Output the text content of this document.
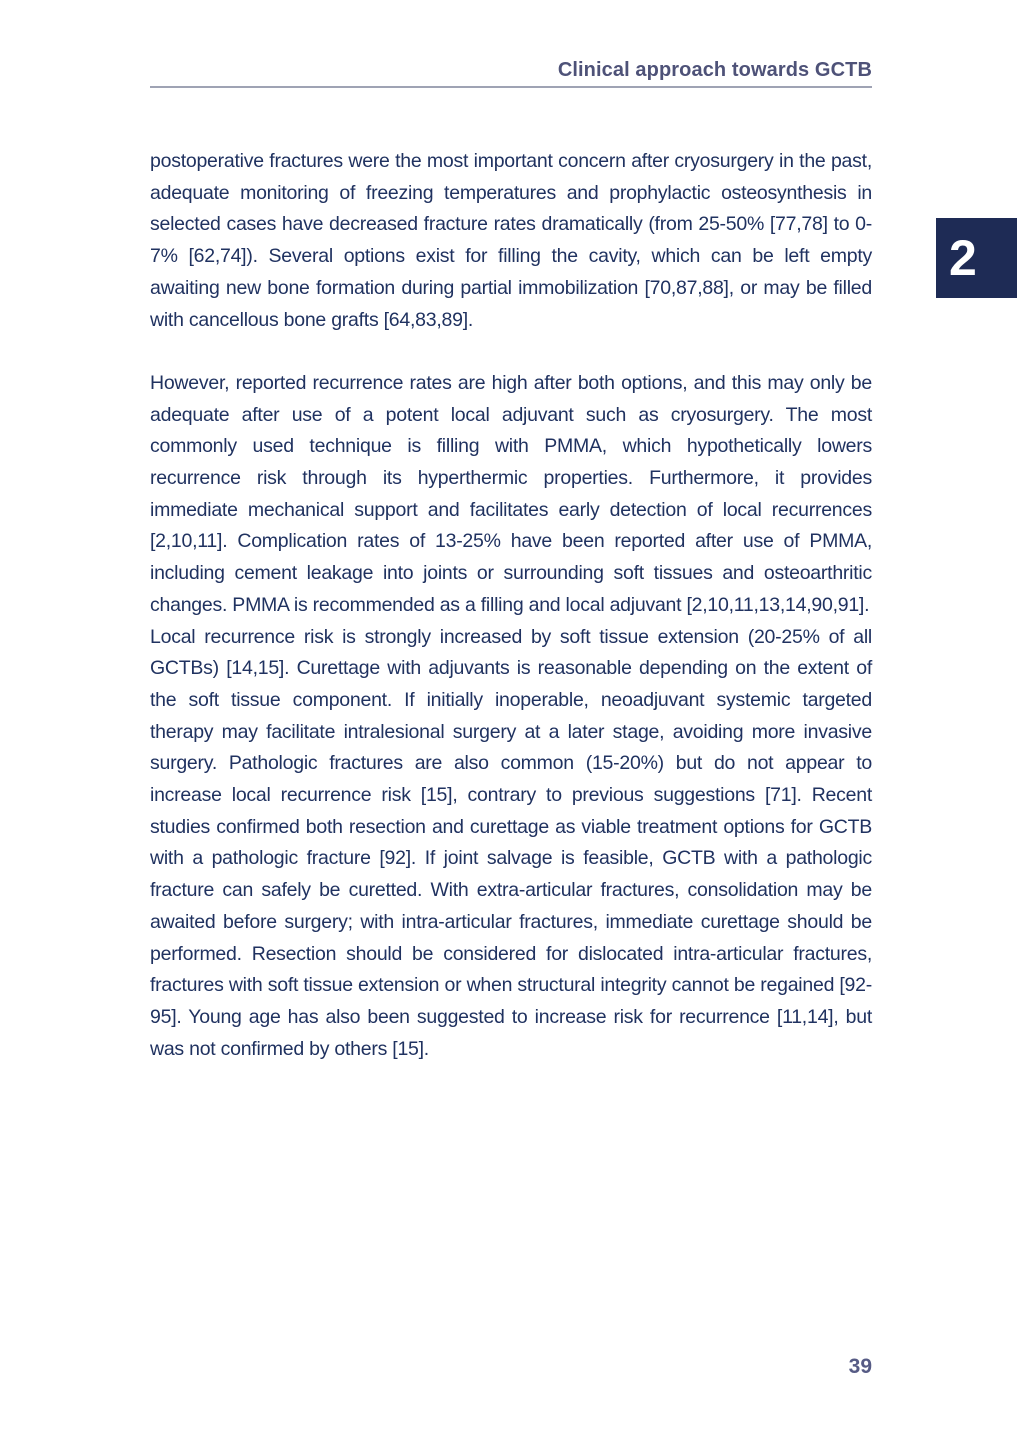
Clinical approach towards GCTB
2

postoperative fractures were the most important concern after cryosurgery in the past, adequate monitoring of freezing temperatures and prophylactic osteosynthesis in selected cases have decreased fracture rates dramatically (from 25-50% [77,78] to 0-7% [62,74]). Several options exist for filling the cavity, which can be left empty awaiting new bone formation during partial immobilization [70,87,88], or may be filled with cancellous bone grafts [64,83,89].

However, reported recurrence rates are high after both options, and this may only be adequate after use of a potent local adjuvant such as cryosurgery. The most commonly used technique is filling with PMMA, which hypothetically lowers recurrence risk through its hyperthermic properties. Furthermore, it provides immediate mechanical support and facilitates early detection of local recurrences [2,10,11]. Complication rates of 13-25% have been reported after use of PMMA, including cement leakage into joints or surrounding soft tissues and osteoarthritic changes. PMMA is recommended as a filling and local adjuvant [2,10,11,13,14,90,91].

Local recurrence risk is strongly increased by soft tissue extension (20-25% of all GCTBs) [14,15]. Curettage with adjuvants is reasonable depending on the extent of the soft tissue component. If initially inoperable, neoadjuvant systemic targeted therapy may facilitate intralesional surgery at a later stage, avoiding more invasive surgery. Pathologic fractures are also common (15-20%) but do not appear to increase local recurrence risk [15], contrary to previous suggestions [71]. Recent studies confirmed both resection and curettage as viable treatment options for GCTB with a pathologic fracture [92]. If joint salvage is feasible, GCTB with a pathologic fracture can safely be curetted. With extra-articular fractures, consolidation may be awaited before surgery; with intra-articular fractures, immediate curettage should be performed. Resection should be considered for dislocated intra-articular fractures, fractures with soft tissue extension or when structural integrity cannot be regained [92-95]. Young age has also been suggested to increase risk for recurrence [11,14], but was not confirmed by others [15].

39
